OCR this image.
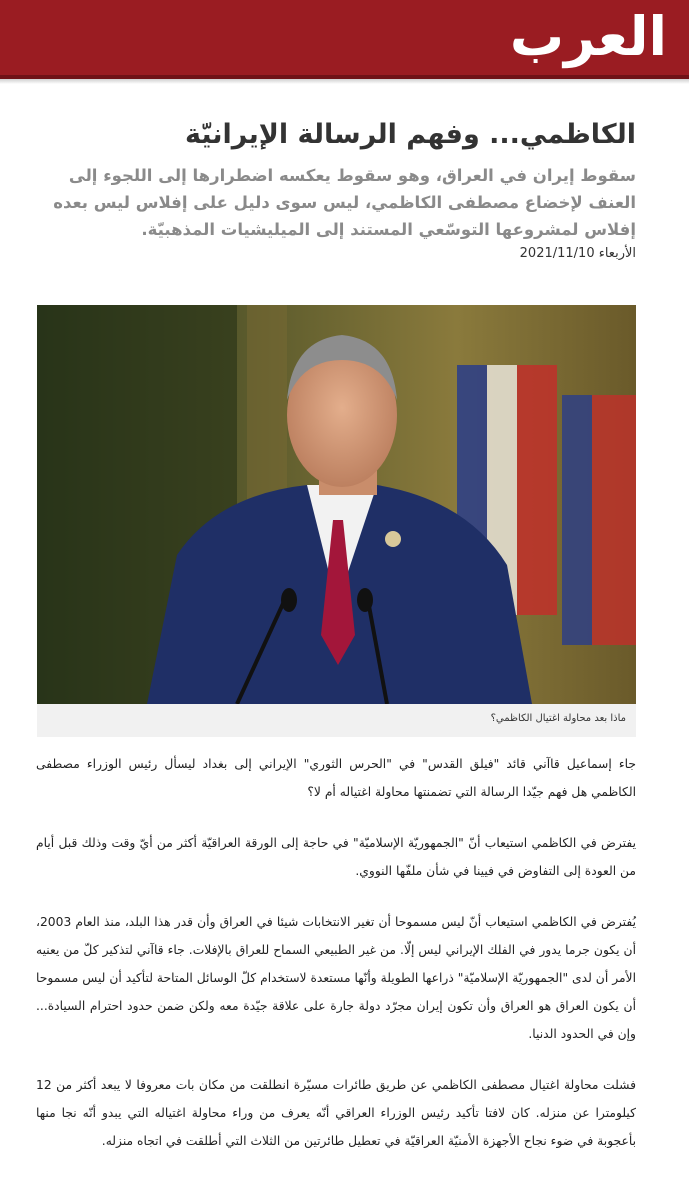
العرب
الكاظمي... وفهم الرسالة الإيرانيّة

سقوط إيران في العراق، وهو سقوط يعكسه اضطرارها إلى اللجوء إلى العنف لإخضاع مصطفى الكاظمي، ليس سوى دليل على إفلاس ليس بعده إفلاس لمشروعها التوسّعي المستند إلى الميليشيات المذهبيّة.

الأربعاء 2021/11/10
ماذا بعد محاولة اغتيال الكاظمي؟

جاء إسماعيل قاآني قائد "فيلق القدس" في "الحرس الثوري" الإيراني إلى بغداد ليسأل رئيس الوزراء مصطفى الكاظمي هل فهم جيّدا الرسالة التي تضمنتها محاولة اغتياله أم لا؟

يفترض في الكاظمي استيعاب أنّ "الجمهوريّة الإسلاميّة" في حاجة إلى الورقة العراقيّة أكثر من أيّ وقت وذلك قبل أيام من العودة إلى التفاوض في فيينا في شأن ملفّها النووي.

يُفترض في الكاظمي استيعاب أنّ ليس مسموحا أن تغير الانتخابات شيئا في العراق وأن قدر هذا البلد، منذ العام 2003، أن يكون جرما يدور في الفلك الإيراني ليس إلّا. من غير الطبيعي السماح للعراق بالإفلات. جاء قاآني لتذكير كلّ من يعنيه الأمر أن لدى "الجمهوريّة الإسلاميّة" ذراعها الطويلة وأنّها مستعدة لاستخدام كلّ الوسائل المتاحة لتأكيد أن ليس مسموحا أن يكون العراق هو العراق وأن تكون إيران مجرّد دولة جارة على علاقة جيّدة معه ولكن ضمن حدود احترام السيادة... وإن في الحدود الدنيا.

فشلت محاولة اغتيال مصطفى الكاظمي عن طريق طائرات مسيّرة انطلقت من مكان بات معروفا لا يبعد أكثر من 12 كيلومترا عن منزله. كان لافتا تأكيد رئيس الوزراء العراقي أنّه يعرف من وراء محاولة اغتياله التي يبدو أنّه نجا منها بأعجوبة في ضوء نجاح الأجهزة الأمنيّة العراقيّة في تعطيل طائرتين من الثلاث التي أطلقت في اتجاه منزله.
